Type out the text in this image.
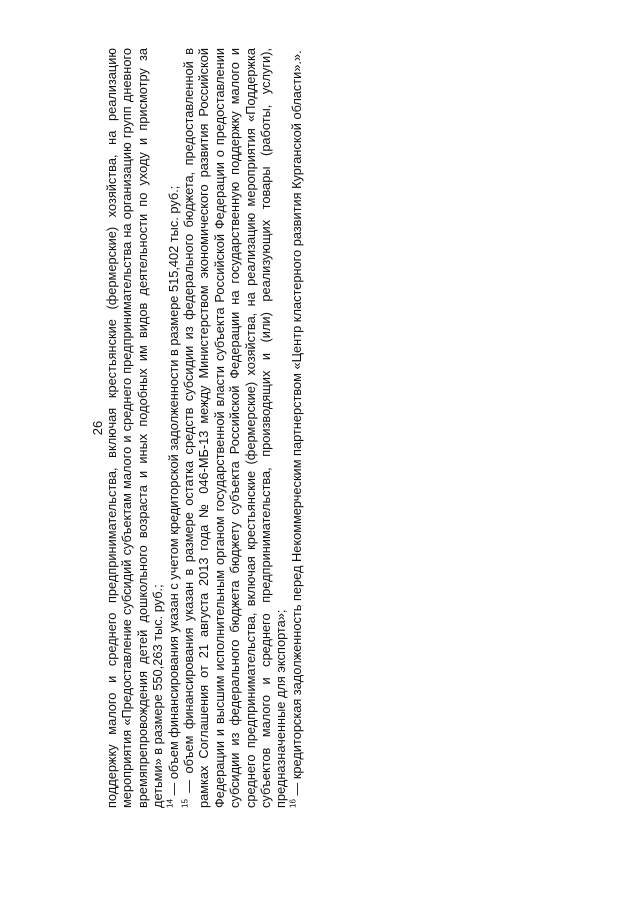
26 поддержку малого и среднего предпринимательства, включая крестьянские (фермерские) хозяйства, на реализацию мероприятия «Предоставление субсидий субъектам малого и среднего предпринимательства на организацию групп дневного времяпрепровождения детей дошкольного возраста и иных подобных им видов деятельности по уходу и присмотру за детьми» в размере 550,263 тыс. руб.; $^{14}$ — объем финансирования указан с учетом кредиторской задолженности в размере 515,402 тыс. руб.;

$^{15}$ — объем финансирования указан в размере остатка средств субсидии из федерального бюджета, предоставленной в рамках Соглашения от 21 августа 2013 года № 046-МБ-13 между Министерством экономического развития Российской Федерации и высшим исполнительным органом государственной власти субъекта Российской Федерации о предоставлении субсидии из федерального бюджета бюджету субъекта Российской Федерации на государственную поддержку малого и среднего предпринимательства, включая крестьянские (фермерские) хозяйства, на реализацию мероприятия «Поддержка субъектов малого и среднего предпринимательства, производящих и (или) реализующих товары (работы, услуги), предназначенные для экспорта»; $^{16}$ — кредиторская задолженность перед Некоммерческим партнерством «Центр кластерного развития Курганской области».».
